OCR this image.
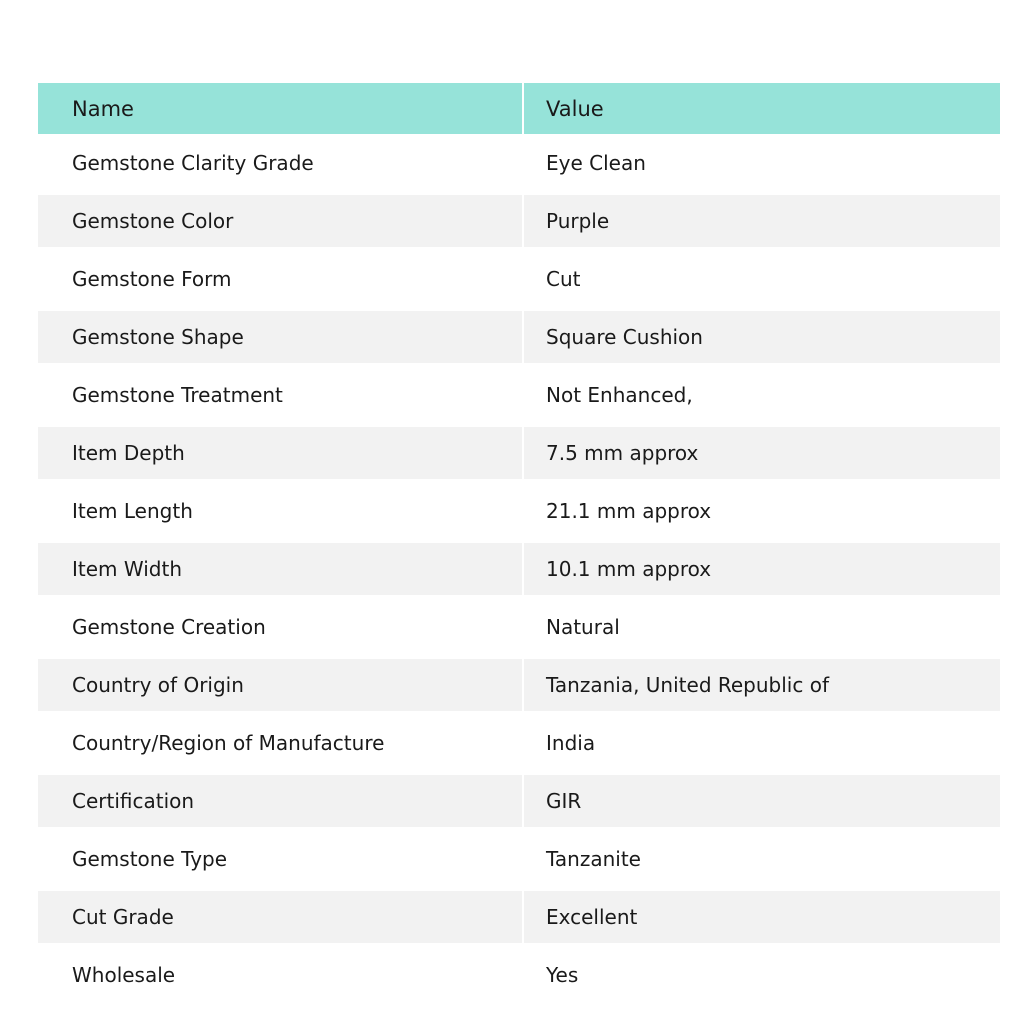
Name	Value
Gemstone Clarity Grade	Eye Clean
Gemstone Color	Purple
Gemstone Form	Cut
Gemstone Shape	Square Cushion
Gemstone Treatment	Not Enhanced,
Item Depth	7.5 mm approx
Item Length	21.1 mm approx
Item Width	10.1 mm approx
Gemstone Creation	Natural
Country of Origin	Tanzania, United Republic of
Country/Region of Manufacture	India
Certification	GIR
Gemstone Type	Tanzanite
Cut Grade	Excellent
Wholesale	Yes
